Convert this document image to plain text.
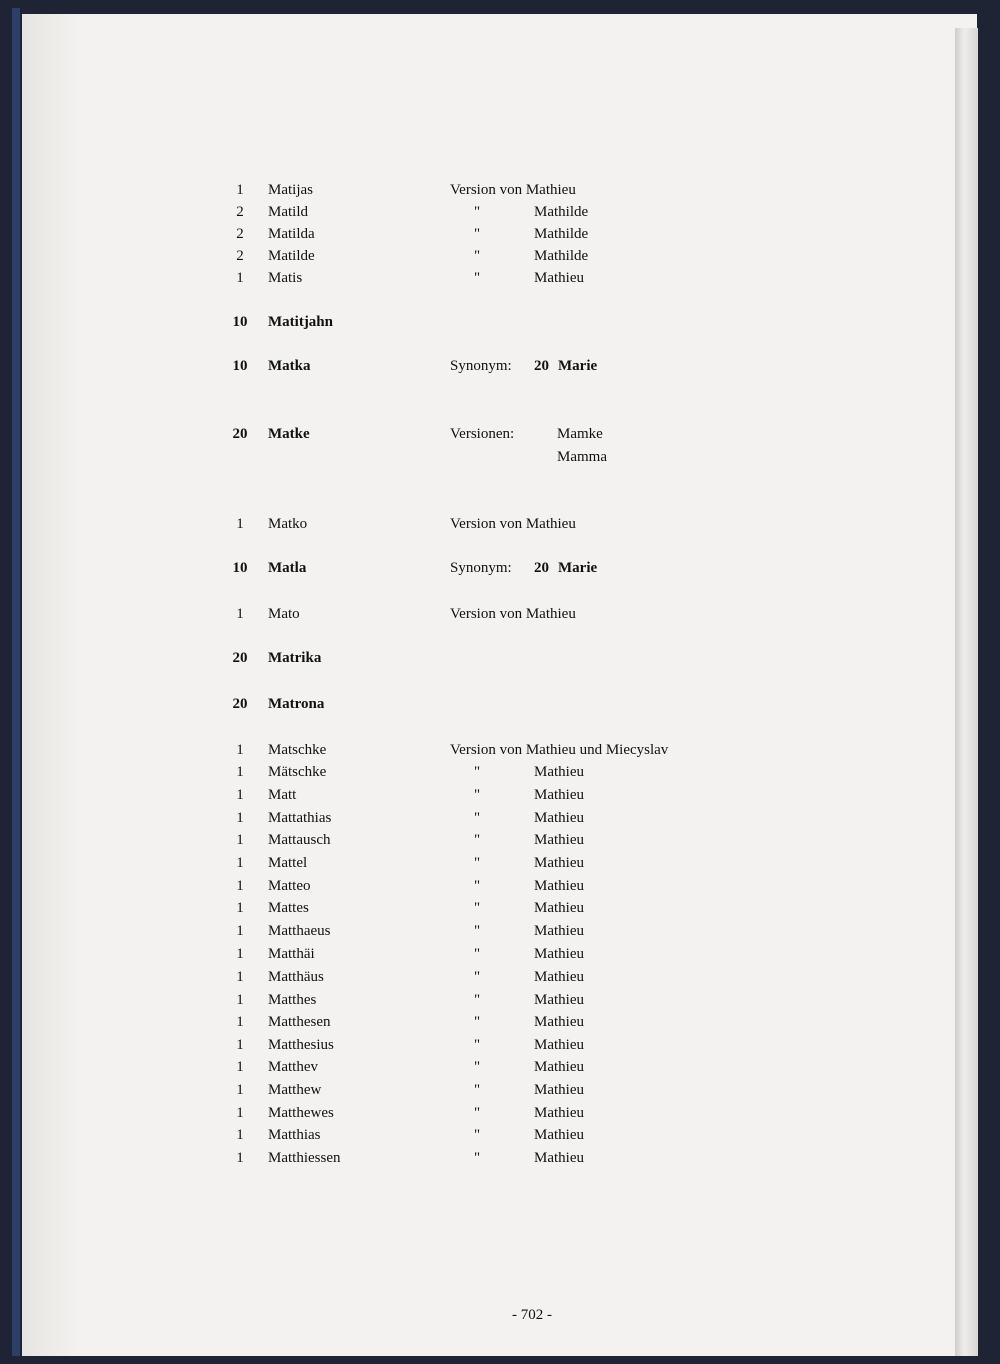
1	Matijas	Version von Mathieu
2	Matild	"	Mathilde
2	Matilda	"	Mathilde
2	Matilde	"	Mathilde
1	Matis	"	Mathieu
10	Matitjahn
10	Matka	Synonym: 20 Marie
20	Matke	Versionen:	Mamke
Mamma
1	Matko	Version von Mathieu
10	Matla	Synonym: 20 Marie
1	Mato	Version von Mathieu
20	Matrika
20	Matrona
1	Matschke	Version von Mathieu und Miecyslav
1	Mätschke	"	Mathieu
1	Matt	"	Mathieu
1	Mattathias	"	Mathieu
1	Mattausch	"	Mathieu
1	Mattel	"	Mathieu
1	Matteo	"	Mathieu
1	Mattes	"	Mathieu
1	Matthaeus	"	Mathieu
1	Matthäi	"	Mathieu
1	Matthäus	"	Mathieu
1	Matthes	"	Mathieu
1	Matthesen	"	Mathieu
1	Matthesius	"	Mathieu
1	Matthev	"	Mathieu
1	Matthew	"	Mathieu
1	Matthewes	"	Mathieu
1	Matthias	"	Mathieu
1	Matthiessen	"	Mathieu
- 702 -
